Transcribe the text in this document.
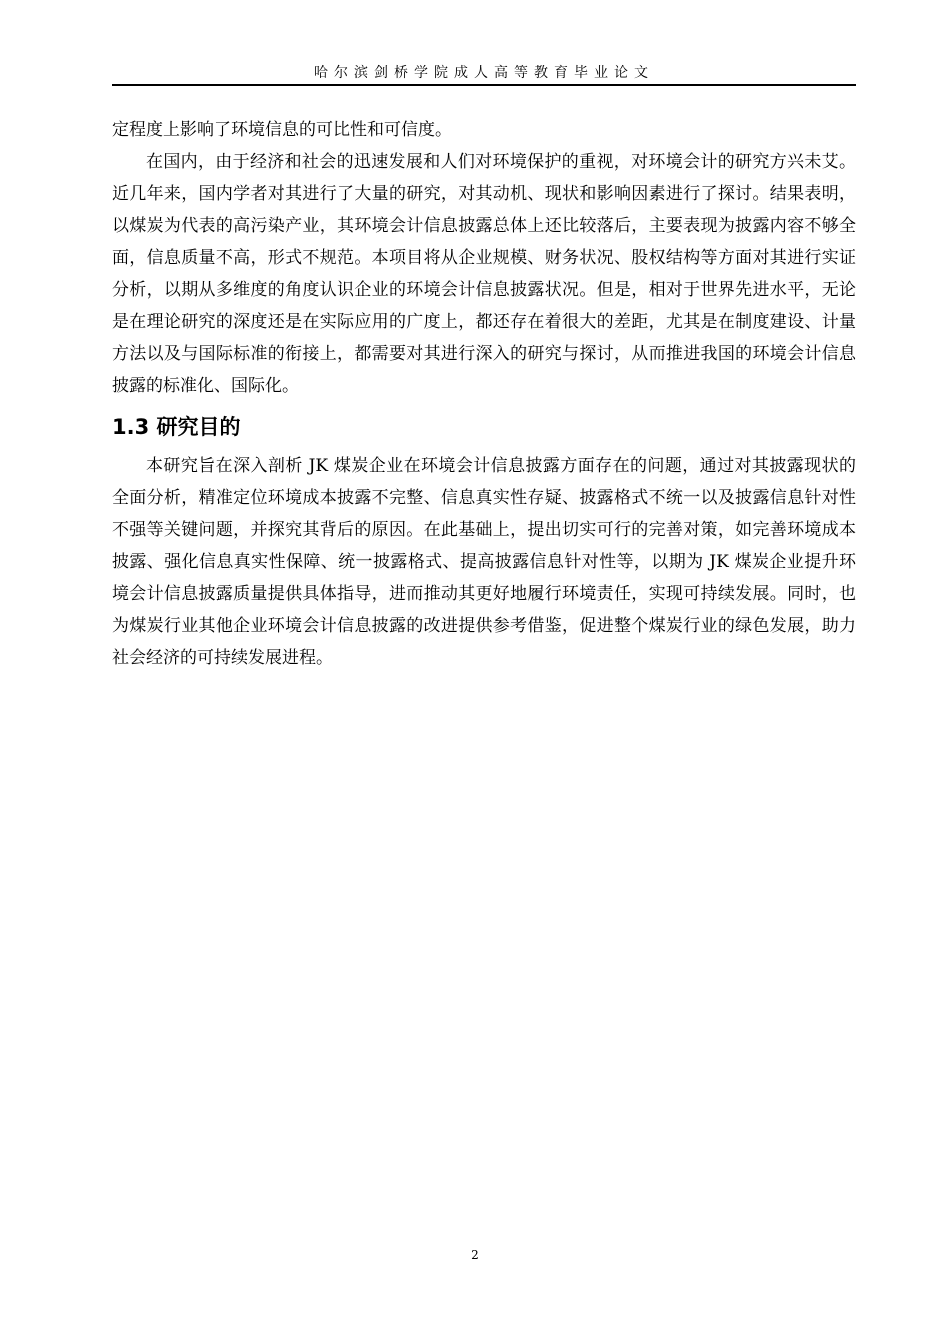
哈尔滨剑桥学院成人高等教育毕业论文

定程度上影响了环境信息的可比性和可信度。

在国内，由于经济和社会的迅速发展和人们对环境保护的重视，对环境会计的研究方兴未艾。近几年来，国内学者对其进行了大量的研究，对其动机、现状和影响因素进行了探讨。结果表明，以煤炭为代表的高污染产业，其环境会计信息披露总体上还比较落后，主要表现为披露内容不够全面，信息质量不高，形式不规范。本项目将从企业规模、财务状况、股权结构等方面对其进行实证分析，以期从多维度的角度认识企业的环境会计信息披露状况。但是，相对于世界先进水平，无论是在理论研究的深度还是在实际应用的广度上，都还存在着很大的差距，尤其是在制度建设、计量方法以及与国际标准的衔接上，都需要对其进行深入的研究与探讨，从而推进我国的环境会计信息披露的标准化、国际化。

1.3 研究目的

本研究旨在深入剖析 JK 煤炭企业在环境会计信息披露方面存在的问题，通过对其披露现状的全面分析，精准定位环境成本披露不完整、信息真实性存疑、披露格式不统一以及披露信息针对性不强等关键问题，并探究其背后的原因。在此基础上，提出切实可行的完善对策，如完善环境成本披露、强化信息真实性保障、统一披露格式、提高披露信息针对性等，以期为 JK 煤炭企业提升环境会计信息披露质量提供具体指导，进而推动其更好地履行环境责任，实现可持续发展。同时，也为煤炭行业其他企业环境会计信息披露的改进提供参考借鉴，促进整个煤炭行业的绿色发展，助力社会经济的可持续发展进程。

2
